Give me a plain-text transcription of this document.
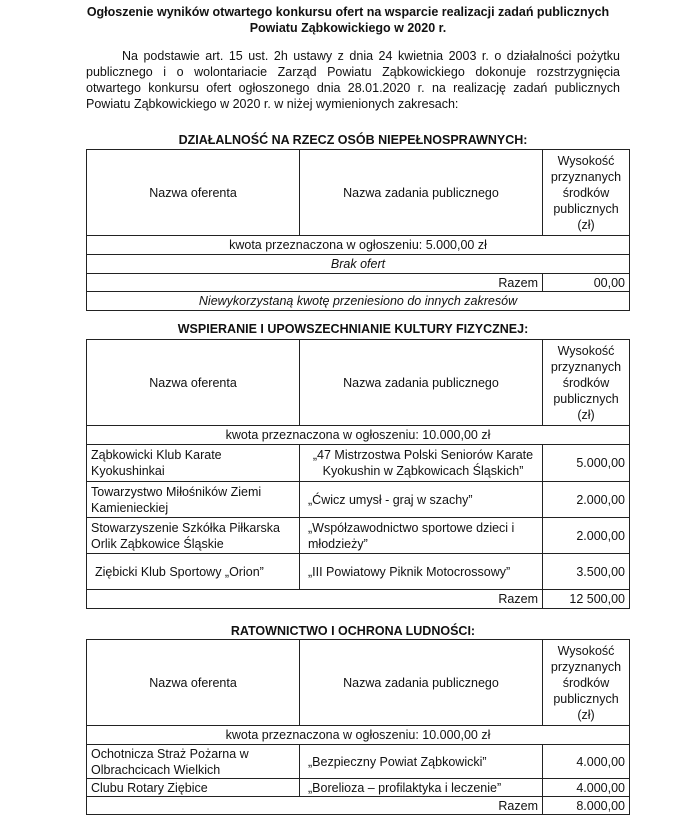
Ogłoszenie wyników otwartego konkursu ofert na wsparcie realizacji zadań publicznych
Powiatu Ząbkowickiego w 2020 r.
Na podstawie art. 15 ust. 2h ustawy z dnia 24 kwietnia 2003 r. o działalności pożytku publicznego i o wolontariacie Zarząd Powiatu Ząbkowickiego dokonuje rozstrzygnięcia otwartego konkursu ofert ogłoszonego dnia 28.01.2020 r. na realizację zadań publicznych Powiatu Ząbkowickiego w 2020 r. w niżej wymienionych zakresach:
DZIAŁALNOŚĆ NA RZECZ OSÓB NIEPEŁNOSPRAWNYCH:
Nazwa oferenta	Nazwa zadania publicznego	Wysokość przyznanych środków publicznych (zł)
kwota przeznaczona w ogłoszeniu: 5.000,00 zł		
Brak ofert		
Razem		00,00
Niewykorzystaną kwotę przeniesiono do innych zakresów		
WSPIERANIE I UPOWSZECHNIANIE KULTURY FIZYCZNEJ:
Nazwa oferenta	Nazwa zadania publicznego	Wysokość przyznanych środków publicznych (zł)
kwota przeznaczona w ogłoszeniu: 10.000,00 zł		
Ząbkowicki Klub Karate Kyokushinkai	„47 Mistrzostwa Polski Seniorów Karate Kyokushin w Ząbkowicach Śląskich”	5.000,00
Towarzystwo Miłośników Ziemi Kamienieckiej	„Ćwicz umysł - graj w szachy”	2.000,00
Stowarzyszenie Szkółka Piłkarska Orlik Ząbkowice Śląskie	„Współzawodnictwo sportowe dzieci i młodzieży”	2.000,00
Ziębicki Klub Sportowy „Orion”	„III Powiatowy Piknik Motocrossowy”	3.500,00
Razem		12 500,00
RATOWNICTWO I OCHRONA LUDNOŚCI:
Nazwa oferenta	Nazwa zadania publicznego	Wysokość przyznanych środków publicznych (zł)
kwota przeznaczona w ogłoszeniu: 10.000,00 zł		
Ochotnicza Straż Pożarna w Olbrachcicach Wielkich	„Bezpieczny Powiat Ząbkowicki”	4.000,00
Clubu Rotary Ziębice	„Borelioza – profilaktyka i leczenie”	4.000,00
Razem		8.000,00
